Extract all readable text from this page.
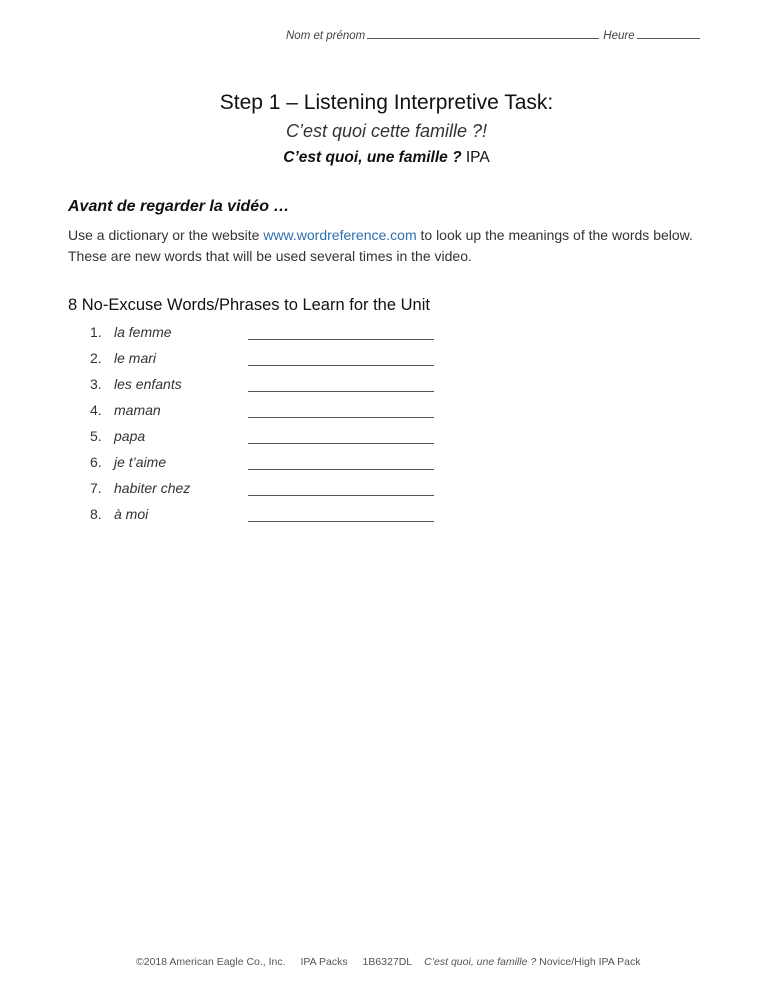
Nom et prénom	Heure
Step 1 – Listening Interpretive Task:
C’est quoi cette famille ?!
C’est quoi, une famille ? IPA
Avant de regarder la vidéo …
Use a dictionary or the website www.wordreference.com to look up the meanings of the words below. These are new words that will be used several times in the video.
8 No-Excuse Words/Phrases to Learn for the Unit
1. la femme
2. le mari
3. les enfants
4. maman
5. papa
6. je t’aime
7. habiter chez
8. à moi
©2018 American Eagle Co., Inc. IPA Packs 1B6327DL C’est quoi, une famille ? Novice/High IPA Pack
